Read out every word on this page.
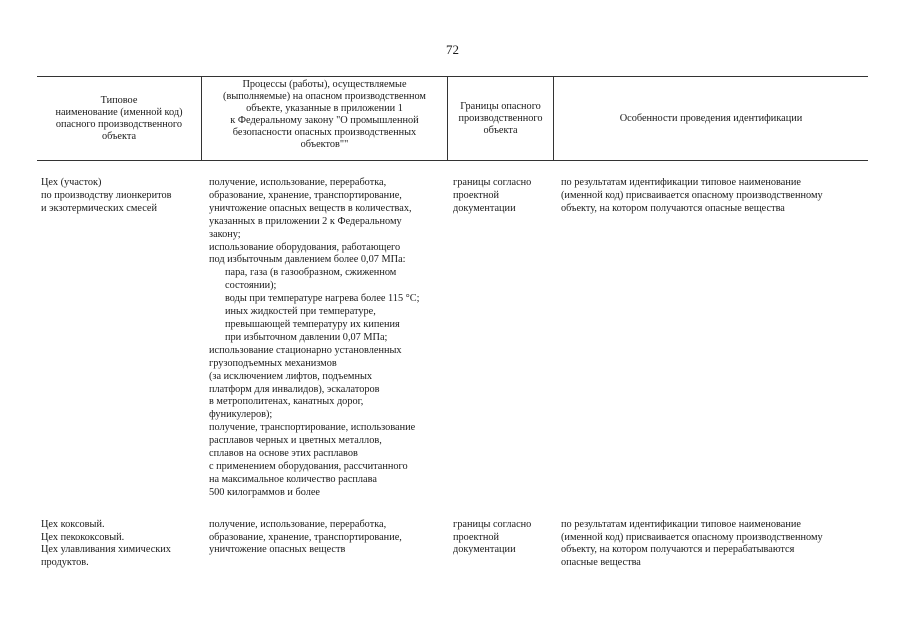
72
Типовое
наименование (именной код)
опасного производственного
объекта
Процессы (работы), осуществляемые
(выполняемые) на опасном производственном
объекте, указанные в приложении 1
к Федеральному закону "О промышленной
безопасности опасных производственных
объектов""
Границы опасного
производственного
объекта
Особенности проведения идентификации
Цех (участок)
по производству лионкеритов
и экзотермических смесей
получение, использование, переработка,
образование, хранение, транспортирование,
уничтожение опасных веществ в количествах,
указанных в приложении 2 к Федеральному
закону;
использование оборудования, работающего
под избыточным давлением более 0,07 МПа:
пара, газа (в газообразном, сжиженном
состоянии);
воды при температуре нагрева более 115 °С;
иных жидкостей при температуре,
превышающей температуру их кипения
при избыточном давлении 0,07 МПа;
использование стационарно установленных
грузоподъемных механизмов
(за исключением лифтов, подъемных
платформ для инвалидов), эскалаторов
в метрополитенах, канатных дорог,
фуникулеров);
получение, транспортирование, использование
расплавов черных и цветных металлов,
сплавов на основе этих расплавов
с применением оборудования, рассчитанного
на максимальное количество расплава
500 килограммов и более
границы согласно
проектной
документации
по результатам идентификации типовое наименование
(именной код) присваивается опасному производственному
объекту, на котором получаются опасные вещества
Цех коксовый.
Цех пекококсовый.
Цех улавливания химических
продуктов.
получение, использование, переработка,
образование, хранение, транспортирование,
уничтожение опасных веществ
границы согласно
проектной
документации
по результатам идентификации типовое наименование
(именной код) присваивается опасному производственному
объекту, на котором получаются и перерабатываются
опасные вещества
